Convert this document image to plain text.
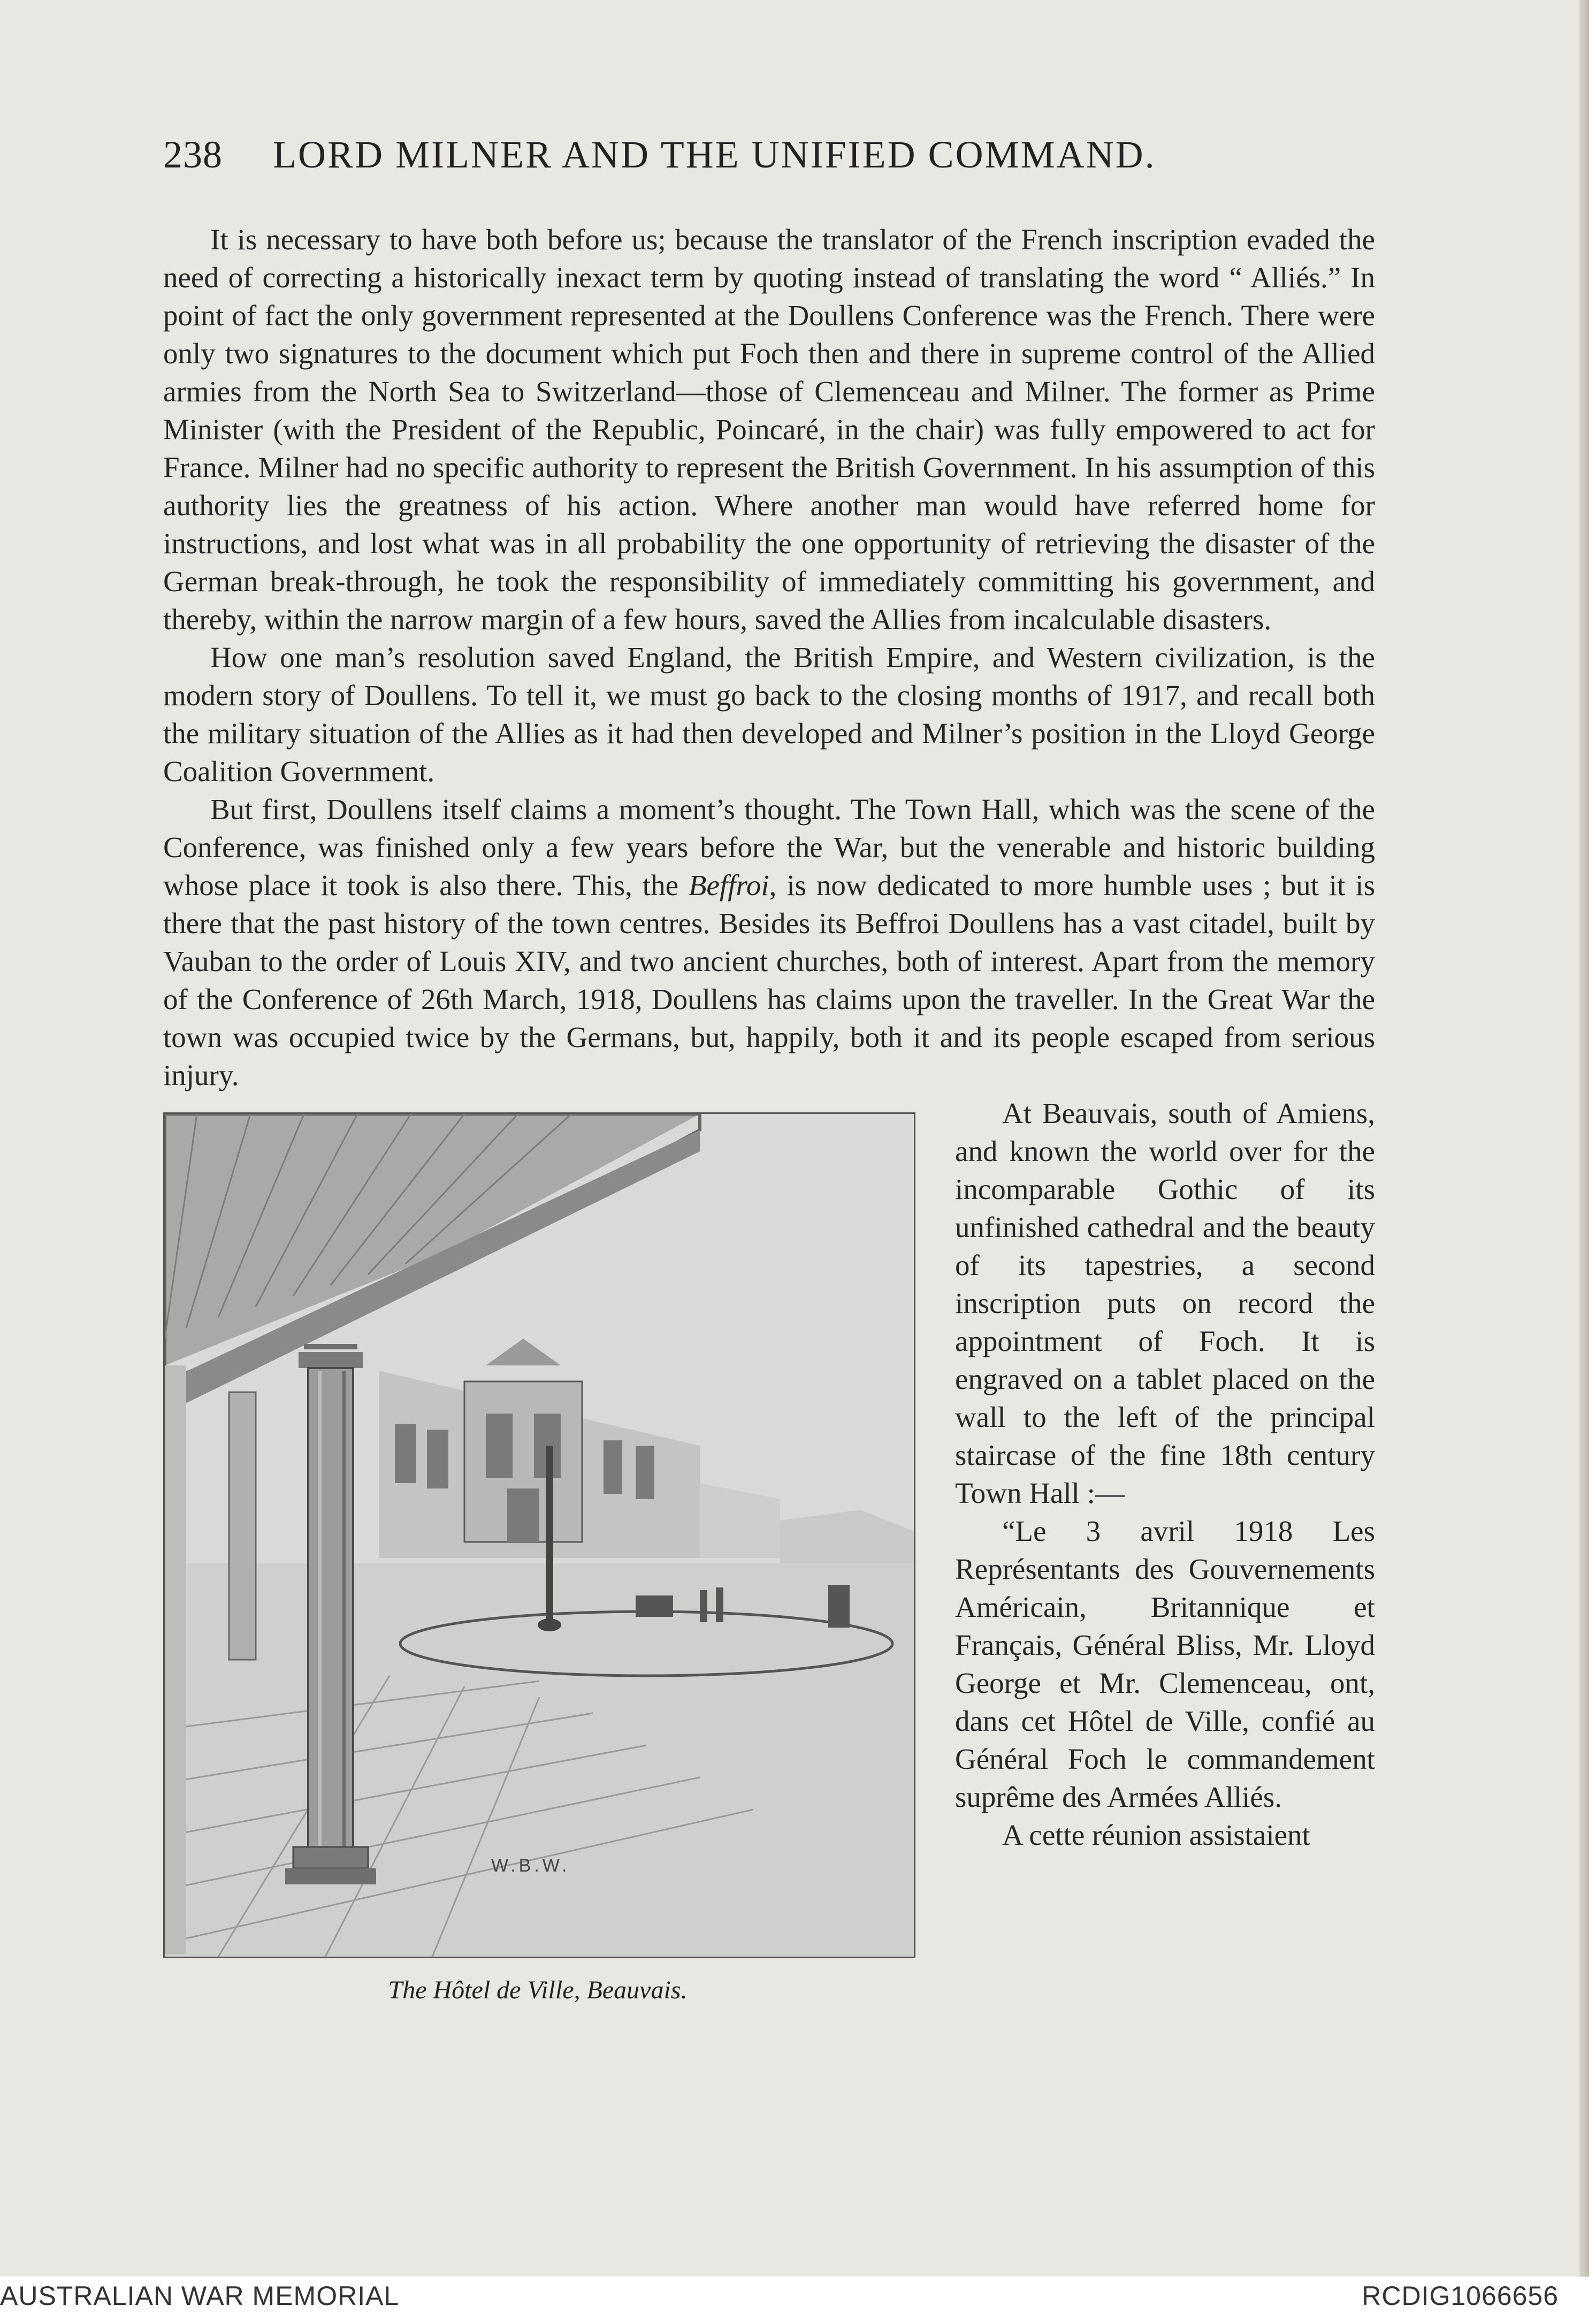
238 LORD MILNER AND THE UNIFIED COMMAND.

It is necessary to have both before us; because the translator of the French inscription evaded the need of correcting a historically inexact term by quoting instead of translating the word “ Alliés.” In point of fact the only government represented at the Doullens Conference was the French. There were only two signatures to the document which put Foch then and there in supreme control of the Allied armies from the North Sea to Switzerland—those of Clemenceau and Milner. The former as Prime Minister (with the President of the Republic, Poincaré, in the chair) was fully empowered to act for France. Milner had no specific authority to represent the British Government. In his assumption of this authority lies the greatness of his action. Where another man would have referred home for instructions, and lost what was in all probability the one opportunity of retrieving the disaster of the German break-through, he took the responsibility of immediately committing his government, and thereby, within the narrow margin of a few hours, saved the Allies from incalculable disasters.

How one man’s resolution saved England, the British Empire, and Western civilization, is the modern story of Doullens. To tell it, we must go back to the closing months of 1917, and recall both the military situation of the Allies as it had then developed and Milner’s position in the Lloyd George Coalition Government.

But first, Doullens itself claims a moment’s thought. The Town Hall, which was the scene of the Conference, was finished only a few years before the War, but the venerable and historic building whose place it took is also there. This, the Beffroi, is now dedicated to more humble uses ; but it is there that the past history of the town centres. Besides its Beffroi Doullens has a vast citadel, built by Vauban to the order of Louis XIV, and two ancient churches, both of interest. Apart from the memory of the Conference of 26th March, 1918, Doullens has claims upon the traveller. In the Great War the town was occupied twice by the Germans, but, happily, both it and its people escaped from serious injury.

W.B.W.
The Hôtel de Ville, Beauvais.

At Beauvais, south of Amiens, and known the world over for the incomparable Gothic of its unfinished cathedral and the beauty of its tapestries, a second inscription puts on record the appointment of Foch. It is engraved on a tablet placed on the wall to the left of the principal staircase of the fine 18th century Town Hall :—

“Le 3 avril 1918 Les Représentants des Gouvernements Américain, Britannique et Français, Général Bliss, Mr. Lloyd George et Mr. Clemenceau, ont, dans cet Hôtel de Ville, confié au Général Foch le commandement suprême des Armées Alliés.

A cette réunion assistaient

AUSTRALIAN WAR MEMORIAL	RCDIG1066656
